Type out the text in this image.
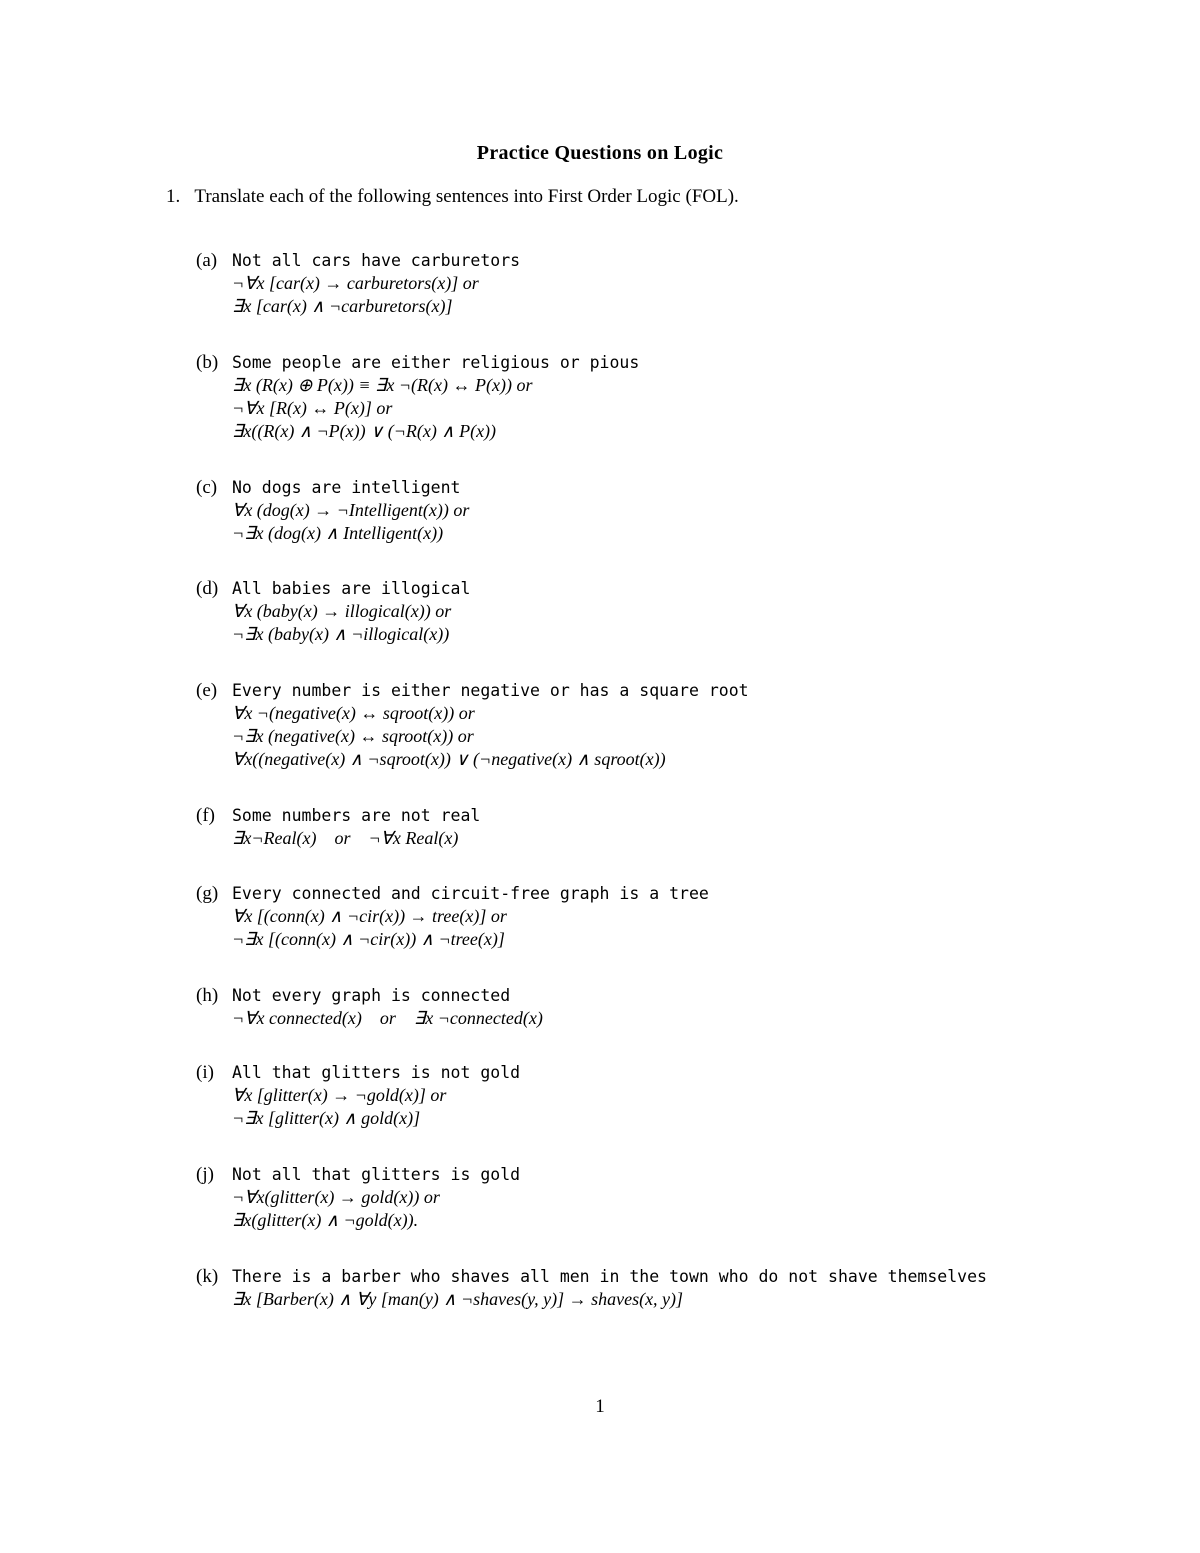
Practice Questions on Logic
1. Translate each of the following sentences into First Order Logic (FOL).
(a) Not all cars have carburetors
¬∀x [car(x) → carburetors(x)] or
∃x [car(x) ∧ ¬carburetors(x)]
(b) Some people are either religious or pious
∃x (R(x) ⊕ P(x)) ≡ ∃x ¬(R(x) ↔ P(x)) or
¬∀x [R(x) ↔ P(x)] or
∃x((R(x) ∧ ¬P(x)) ∨ (¬R(x) ∧ P(x))
(c) No dogs are intelligent
∀x (dog(x) → ¬Intelligent(x)) or
¬∃x (dog(x) ∧ Intelligent(x))
(d) All babies are illogical
∀x (baby(x) → illogical(x)) or
¬∃x (baby(x) ∧ ¬illogical(x))
(e) Every number is either negative or has a square root
∀x ¬(negative(x) ↔ sqroot(x)) or
¬∃x (negative(x) ↔ sqroot(x)) or
∀x((negative(x) ∧ ¬sqroot(x)) ∨ (¬negative(x) ∧ sqroot(x))
(f) Some numbers are not real
∃x¬Real(x)    or    ¬∀x Real(x)
(g) Every connected and circuit-free graph is a tree
∀x [(conn(x) ∧ ¬cir(x)) → tree(x)] or
¬∃x [(conn(x) ∧ ¬cir(x)) ∧ ¬tree(x)]
(h) Not every graph is connected
¬∀x connected(x)    or    ∃x ¬connected(x)
(i) All that glitters is not gold
∀x [glitter(x) → ¬gold(x)] or
¬∃x [glitter(x) ∧ gold(x)]
(j) Not all that glitters is gold
¬∀x(glitter(x) → gold(x)) or
∃x(glitter(x) ∧ ¬gold(x)).
(k) There is a barber who shaves all men in the town who do not shave themselves
∃x [Barber(x) ∧ ∀y [man(y) ∧ ¬shaves(y, y)] → shaves(x, y)]
1
